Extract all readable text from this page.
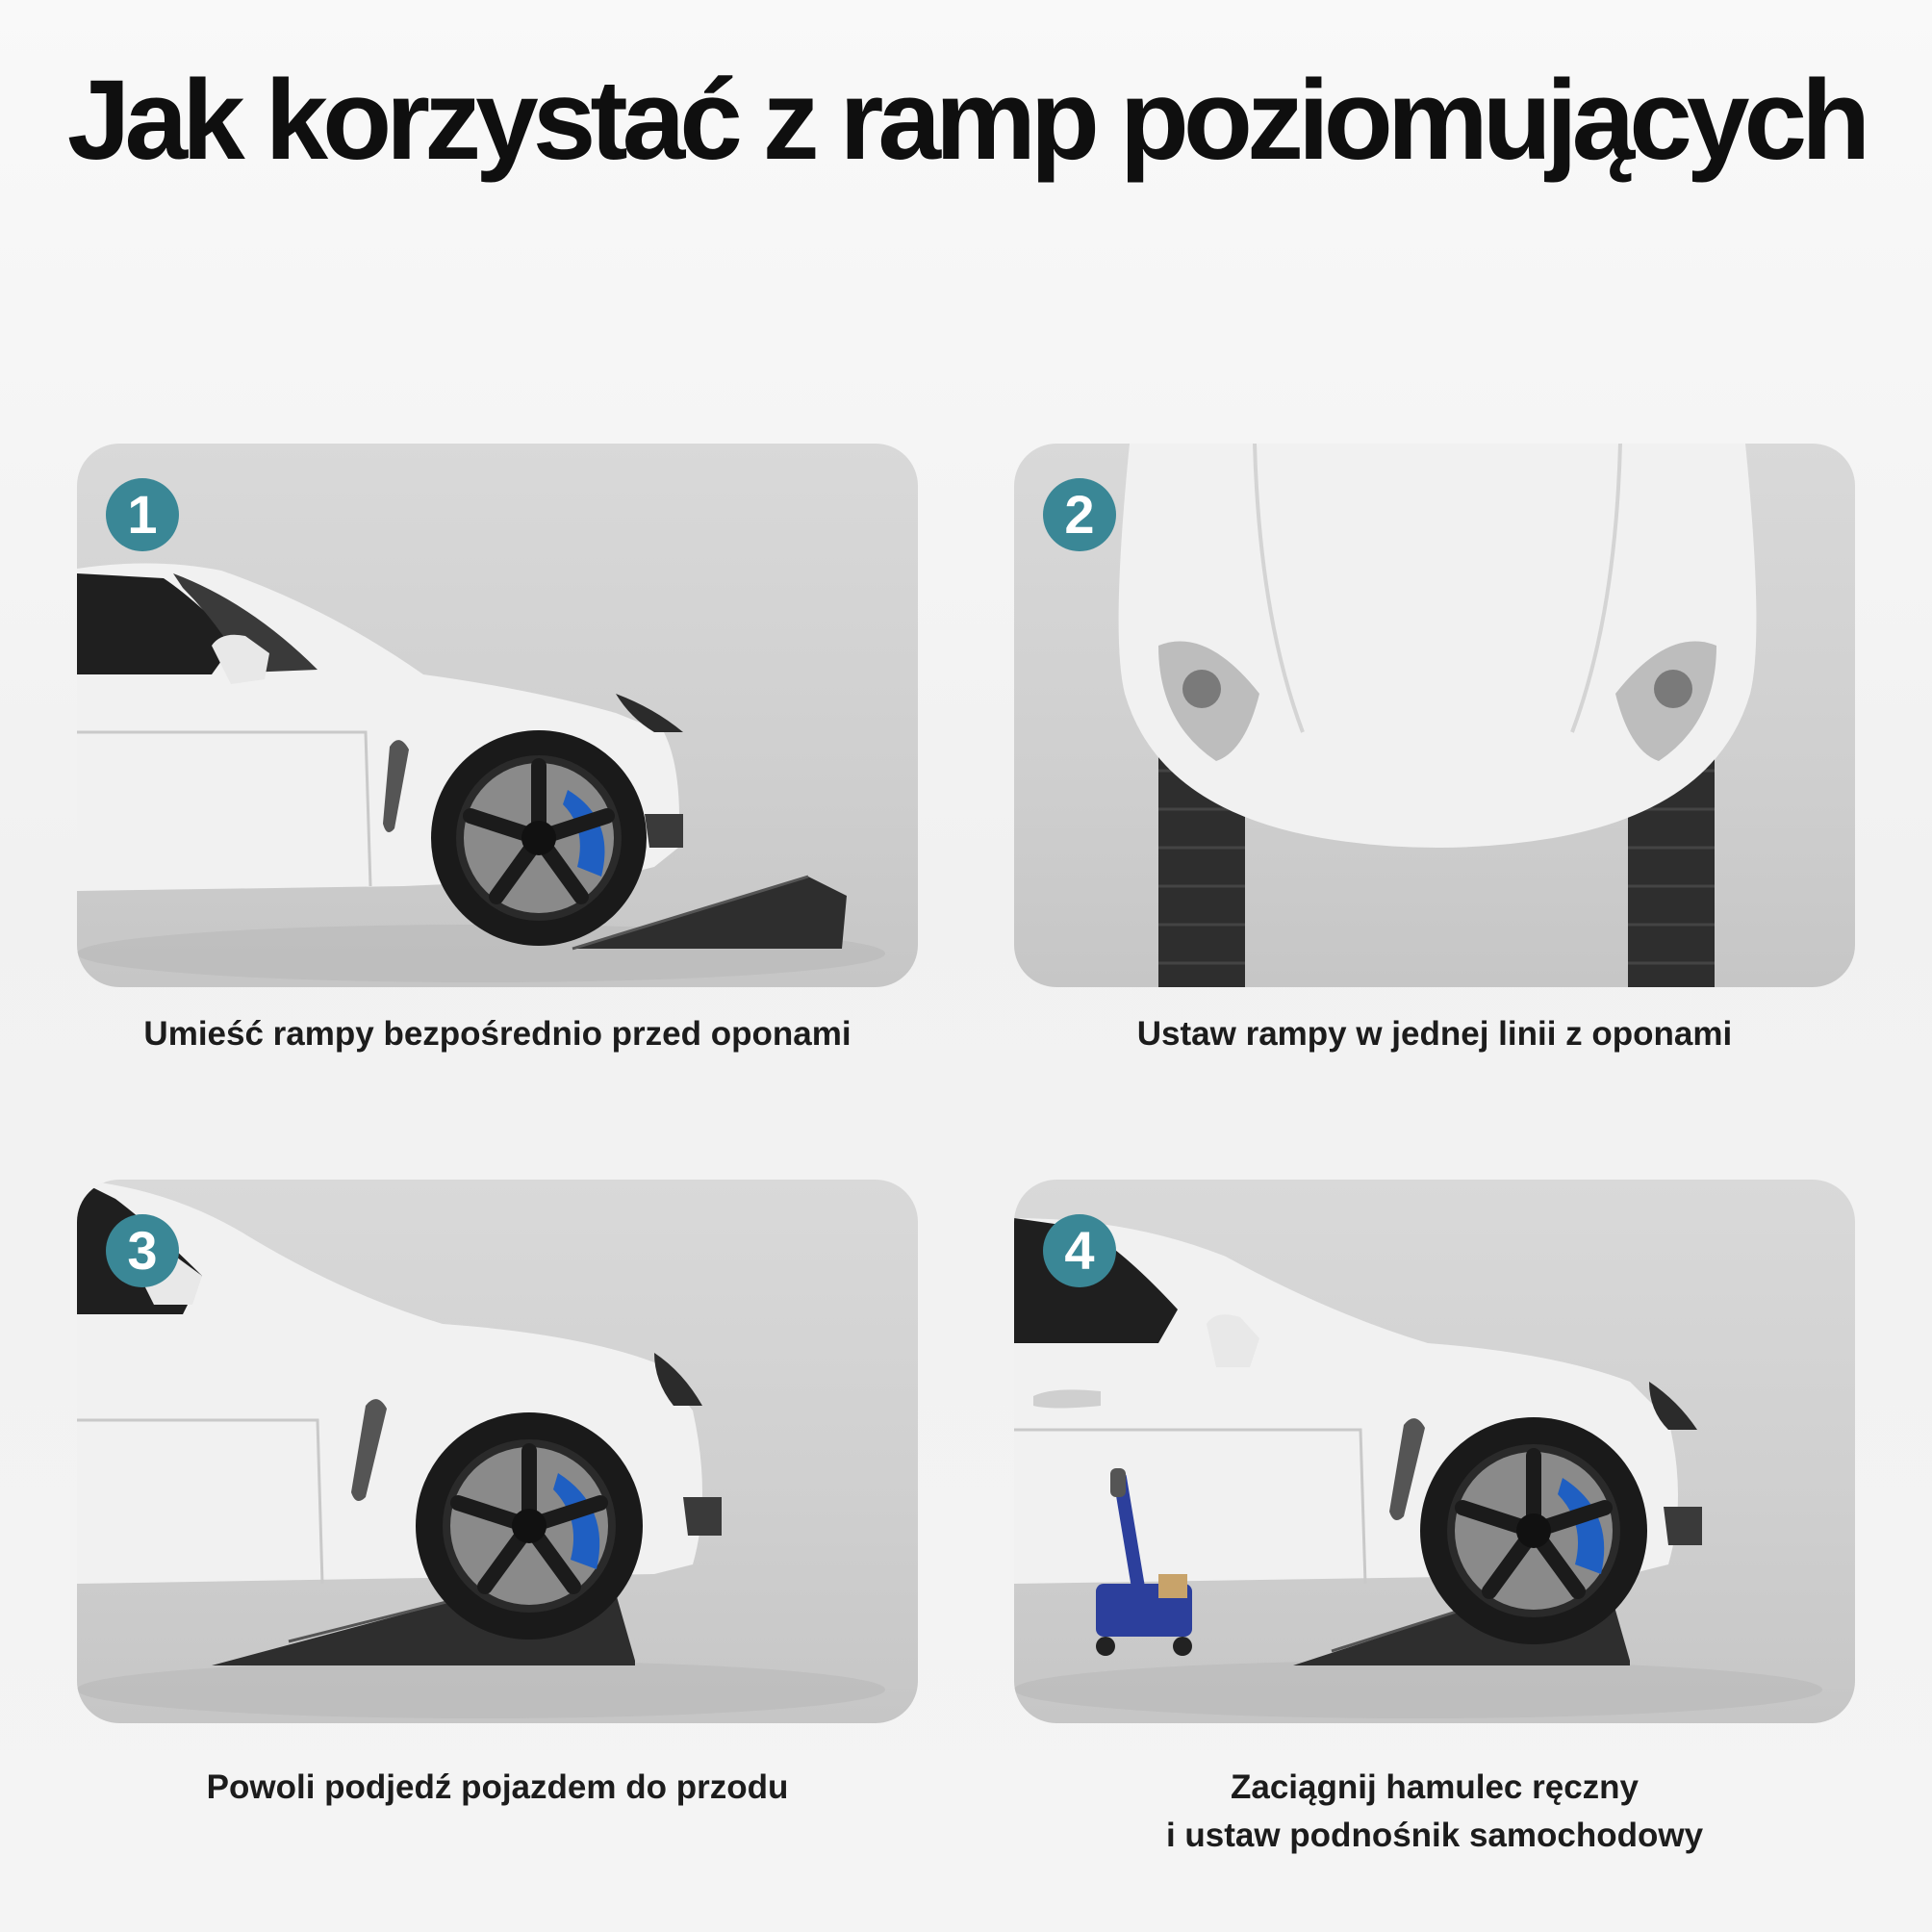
Jak korzystać z ramp poziomujących
1
Umieść rampy bezpośrednio przed oponami
2
Ustaw rampy w jednej linii z oponami
3
Powoli podjedź pojazdem do przodu
4
Zaciągnij hamulec ręczny
i ustaw podnośnik samochodowy
